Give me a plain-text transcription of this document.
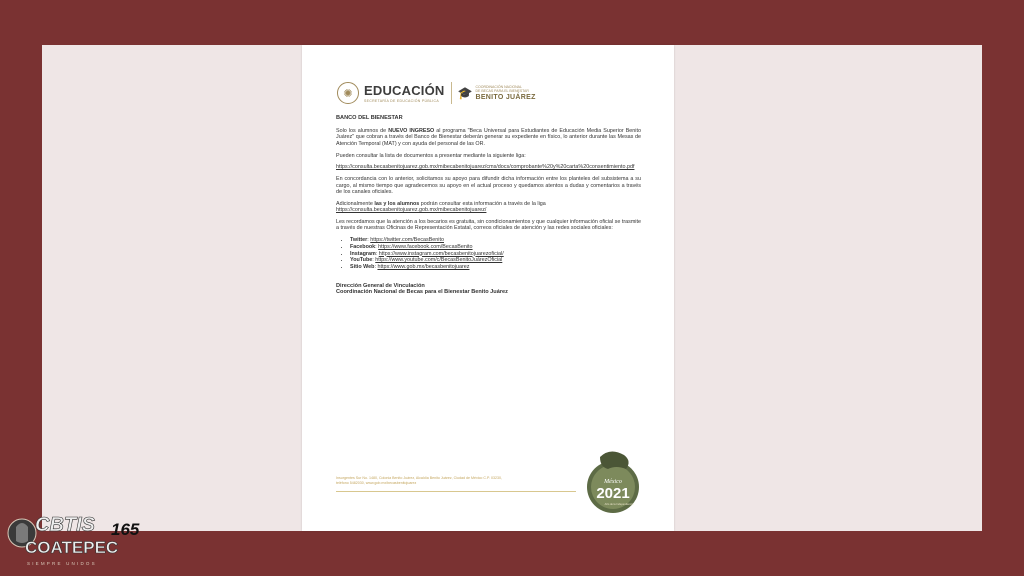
✺ EDUCACIÓN
SECRETARÍA DE EDUCACIÓN PÚBLICA
🎓 COORDINACIÓN NACIONAL
DE BECAS PARA EL BIENESTAR
BENITO JUÁREZ
BANCO DEL BIENESTAR

Solo los alumnos de NUEVO INGRESO al programa "Beca Universal para Estudiantes de Educación Media Superior Benito Juárez" que cobran a través del Banco de Bienestar deberán generar su expediente en físico, lo anterior durante las Mesas de Atención Temporal (MAT) y con ayuda del personal de las OR.

Pueden consultar la lista de documentos a presentar mediante la siguiente liga:

https://consulta.becasbenitojuarez.gob.mx/mibecabenitojuarez/cms/docs/comprobante%20y%20carta%20consentimiento.pdf

En concordancia con lo anterior, solicitamos su apoyo para difundir dicha información entre los planteles del subsistema a su cargo, al mismo tiempo que agradecemos su apoyo en el actual proceso y quedamos atentos a dudas y comentarios a través de los canales oficiales.

Adicionalmente las y los alumnos podrán consultar esta información a través de la liga
https://consulta.becasbenitojuarez.gob.mx/mibecabenitojuarez/

Les recordamos que la atención a los becarios es gratuita, sin condicionamientos y que cualquier información oficial se trasmite a través de nuestras Oficinas de Representación Estatal, correos oficiales de atención y las redes sociales oficiales:

• Twitter: https://twitter.com/BecasBenito
• Facebook: https://www.facebook.com/BecasBenito
• Instagram: https://www.instagram.com/becasbenitojuarezoficial/
• YouTube: https://www.youtube.com/c/BecasBenitoJuárezOficial
• Sitio Web: https://www.gob.mx/becasbenitojuarez
Dirección General de Vinculación
Coordinación Nacional de Becas para el Bienestar Benito Juárez
Insurgentes Sur No. 1480, Colonia Benito Juárez, Alcaldía Benito Juárez, Ciudad de México C.P. 03230,
teléfono 5482030, www.gob.mx/becasbenitojuarez	México
2021
Año de la Independencia
CBTIS 165
COATEPEC
SIEMPRE UNIDOS
